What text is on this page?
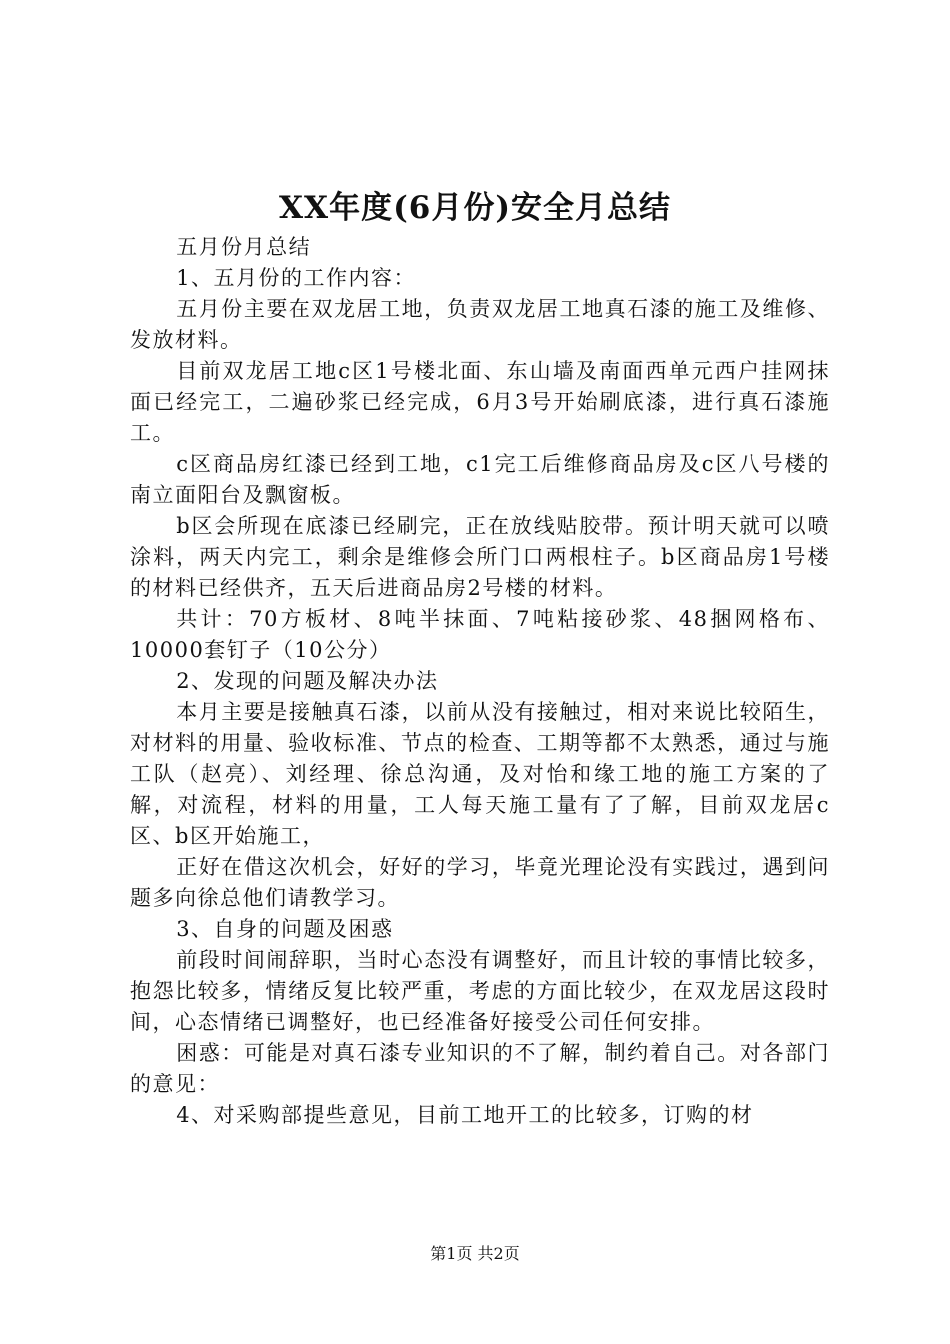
XX年度(6月份)安全月总结

五月份月总结

1、五月份的工作内容：

五月份主要在双龙居工地，负责双龙居工地真石漆的施工及维修、发放材料。

目前双龙居工地c区1号楼北面、东山墙及南面西单元西户挂网抹面已经完工，二遍砂浆已经完成，6月3号开始刷底漆，进行真石漆施工。

c区商品房红漆已经到工地，c1完工后维修商品房及c区八号楼的南立面阳台及飘窗板。

b区会所现在底漆已经刷完，正在放线贴胶带。预计明天就可以喷涂料，两天内完工，剩余是维修会所门口两根柱子。b区商品房1号楼的材料已经供齐，五天后进商品房2号楼的材料。

共计：70方板材、8吨半抹面、7吨粘接砂浆、48捆网格布、10000套钉子（10公分）

2、发现的问题及解决办法

本月主要是接触真石漆，以前从没有接触过，相对来说比较陌生，对材料的用量、验收标准、节点的检查、工期等都不太熟悉，通过与施工队（赵亮）、刘经理、徐总沟通，及对怡和缘工地的施工方案的了解，对流程，材料的用量，工人每天施工量有了了解，目前双龙居c区、b区开始施工，

正好在借这次机会，好好的学习，毕竟光理论没有实践过，遇到问题多向徐总他们请教学习。

3、自身的问题及困惑

前段时间闹辞职，当时心态没有调整好，而且计较的事情比较多，抱怨比较多，情绪反复比较严重，考虑的方面比较少，在双龙居这段时间，心态情绪已调整好，也已经准备好接受公司任何安排。

困惑：可能是对真石漆专业知识的不了解，制约着自己。对各部门的意见：

4、对采购部提些意见，目前工地开工的比较多，订购的材

第1页 共2页
